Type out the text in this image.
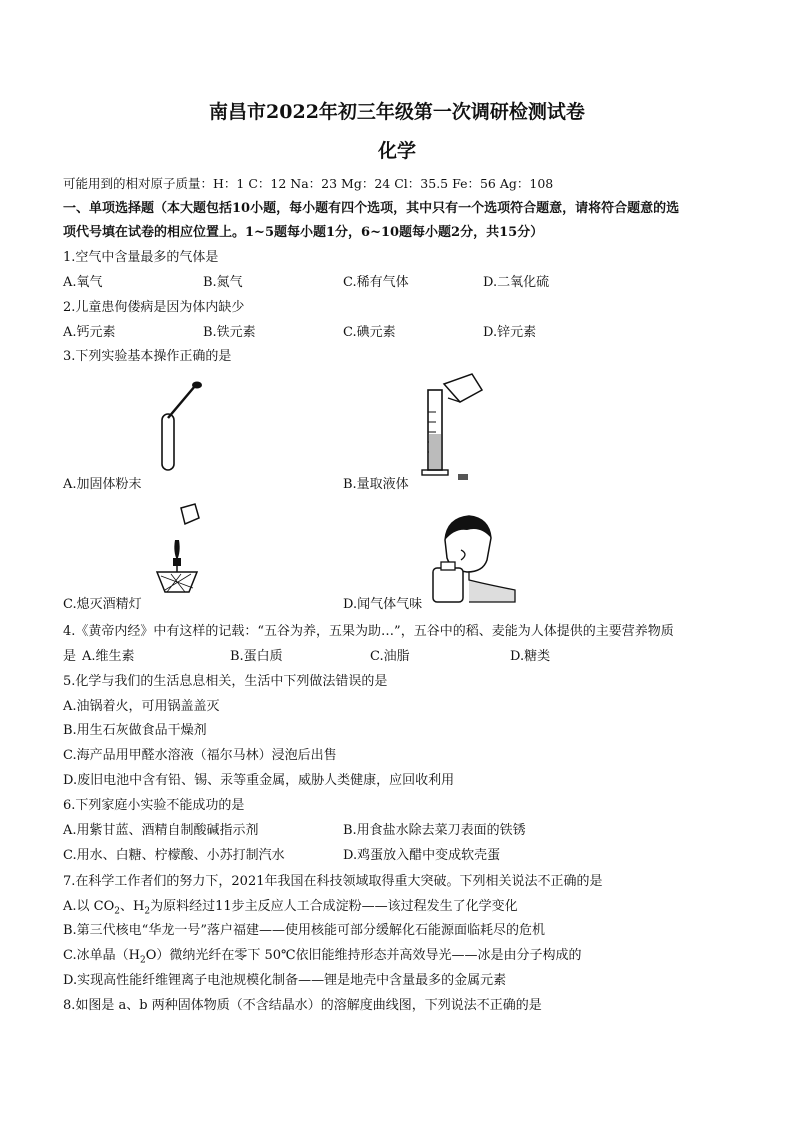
南昌市2022年初三年级第一次调研检测试卷
化学
可能用到的相对原子质量：H：1 C：12 Na：23 Mg：24 Cl：35.5 Fe：56 Ag：108
一、单项选择题（本大题包括10小题，每小题有四个选项，其中只有一个选项符合题意，请将符合题意的选
项代号填在试卷的相应位置上。1~5题每小题1分，6~10题每小题2分，共15分）
1.空气中含量最多的气体是
A.氧气	B.氮气	C.稀有气体	D.二氧化硫
2.儿童患佝偻病是因为体内缺少
A.钙元素	B.铁元素	C.碘元素	D.锌元素
3.下列实验基本操作正确的是
A.加固体粉末	B.量取液体
C.熄灭酒精灯	D.闻气体气味
4.《黄帝内经》中有这样的记载：“五谷为养，五果为助…”，五谷中的稻、麦能为人体提供的主要营养物质
是 A.维生素	B.蛋白质	C.油脂	D.糖类
5.化学与我们的生活息息相关，生活中下列做法错误的是
A.油锅着火，可用锅盖盖灭
B.用生石灰做食品干燥剂
C.海产品用甲醛水溶液（福尔马林）浸泡后出售
D.废旧电池中含有铅、锡、汞等重金属，威胁人类健康，应回收利用
6.下列家庭小实验不能成功的是
A.用紫甘蓝、酒精自制酸碱指示剂	B.用食盐水除去菜刀表面的铁锈
C.用水、白糖、柠檬酸、小苏打制汽水	D.鸡蛋放入醋中变成软壳蛋
7.在科学工作者们的努力下，2021年我国在科技领域取得重大突破。下列相关说法不正确的是
A.以 $CO_2$、$H_2$为原料经过11步主反应人工合成淀粉——该过程发生了化学变化
B.第三代核电“华龙一号”落户福建——使用核能可部分缓解化石能源面临耗尽的危机
C.冰单晶$(H_2O)$微纳光纤在零下 50℃依旧能维持形态并高效导光——冰是由分子构成的
D.实现高性能纤维锂离子电池规模化制备——锂是地壳中含量最多的金属元素
8.如图是 a、b 两种固体物质（不含结晶水）的溶解度曲线图，下列说法不正确的是
